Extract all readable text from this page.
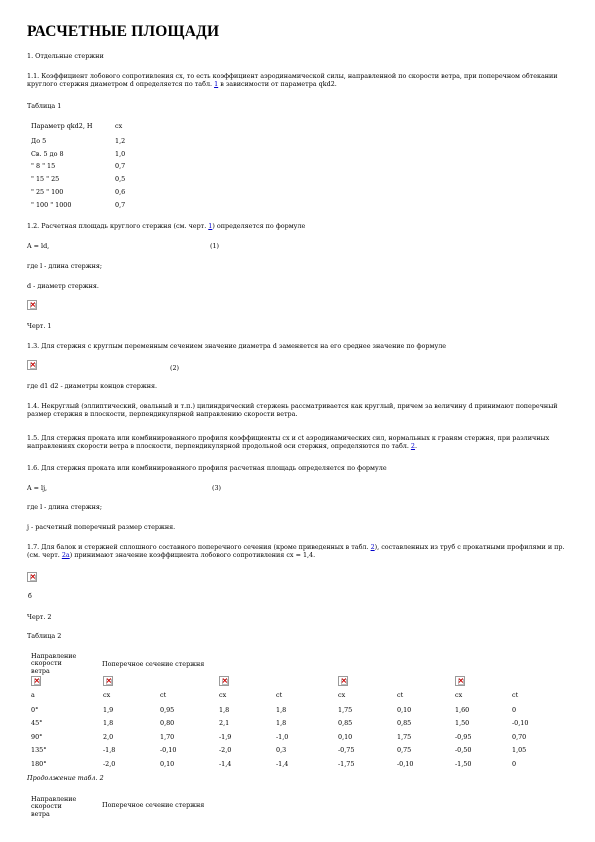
РАСЧЕТНЫЕ ПЛОЩАДИ
1. Отдельные стержни
1.1. Коэффициент лобового сопротивления cx, то есть коэффициент аэродинамической силы, направленной по скорости ветра, при поперечном обтекании круглого стержня диаметром d определяется по табл. 1 в зависимости от параметра qkd2.
Таблица 1
Параметр qkd2, Н	cx
До 5	1,2
Св. 5 до 8	1,0
" 8 " 15	0,7
" 15 " 25	0,5
" 25 " 100	0,6
" 100 " 1000	0,7
1.2. Расчетная площадь круглого стержня (см. черт. 1) определяется по формуле
A = ld,	(1)
где l - длина стержня;
d - диаметр стержня.
×
Черт. 1
1.3. Для стержня с круглым переменным сечением значение диаметра d заменяется на его среднее значение по формуле
×	(2)
где d1 d2 - диаметры концов стержня.
1.4. Некруглый (эллиптический, овальный и т.п.) цилиндрический стержень рассматривается как круглый, причем за величину d принимают поперечный размер стержня в плоскости, перпендикулярной направлению скорости ветра.
1.5. Для стержня проката или комбинированного профиля коэффициенты cx и ct аэродинамических сил, нормальных к граням стержня, при различных направлениях скорости ветра в плоскости, перпендикулярной продольной оси стержня, определяются по табл. 2.
1.6. Для стержня проката или комбинированного профиля расчетная площадь определяется по формуле
A = lj,	(3)
где l - длина стержня;
j - расчетный поперечный размер стержня.
1.7. Для балок и стержней сплошного составного поперечного сечения (кроме приведенных в табл. 2), составленных из труб с прокатными профилями и пр. (см. черт. 2а) принимают значение коэффициента лобового сопротивления cx = 1,4.
×
б
Черт. 2
Таблица 2
Направление скорости ветра
Поперечное сечение стержня
×	×	×	×	×
a	cx	ct	cx	ct	cx	ct	cx	ct
0°	1,9	0,95	1,8	1,8	1,75	0,10	1,60	0
45°	1,8	0,80	2,1	1,8	0,85	0,85	1,50	-0,10
90°	2,0	1,70	-1,9	-1,0	0,10	1,75	-0,95	0,70
135°	-1,8	-0,10	-2,0	0,3	-0,75	0,75	-0,50	1,05
180°	-2,0	0,10	-1,4	-1,4	-1,75	-0,10	-1,50	0
Продолжение табл. 2
Направление скорости ветра
Поперечное сечение стержня
